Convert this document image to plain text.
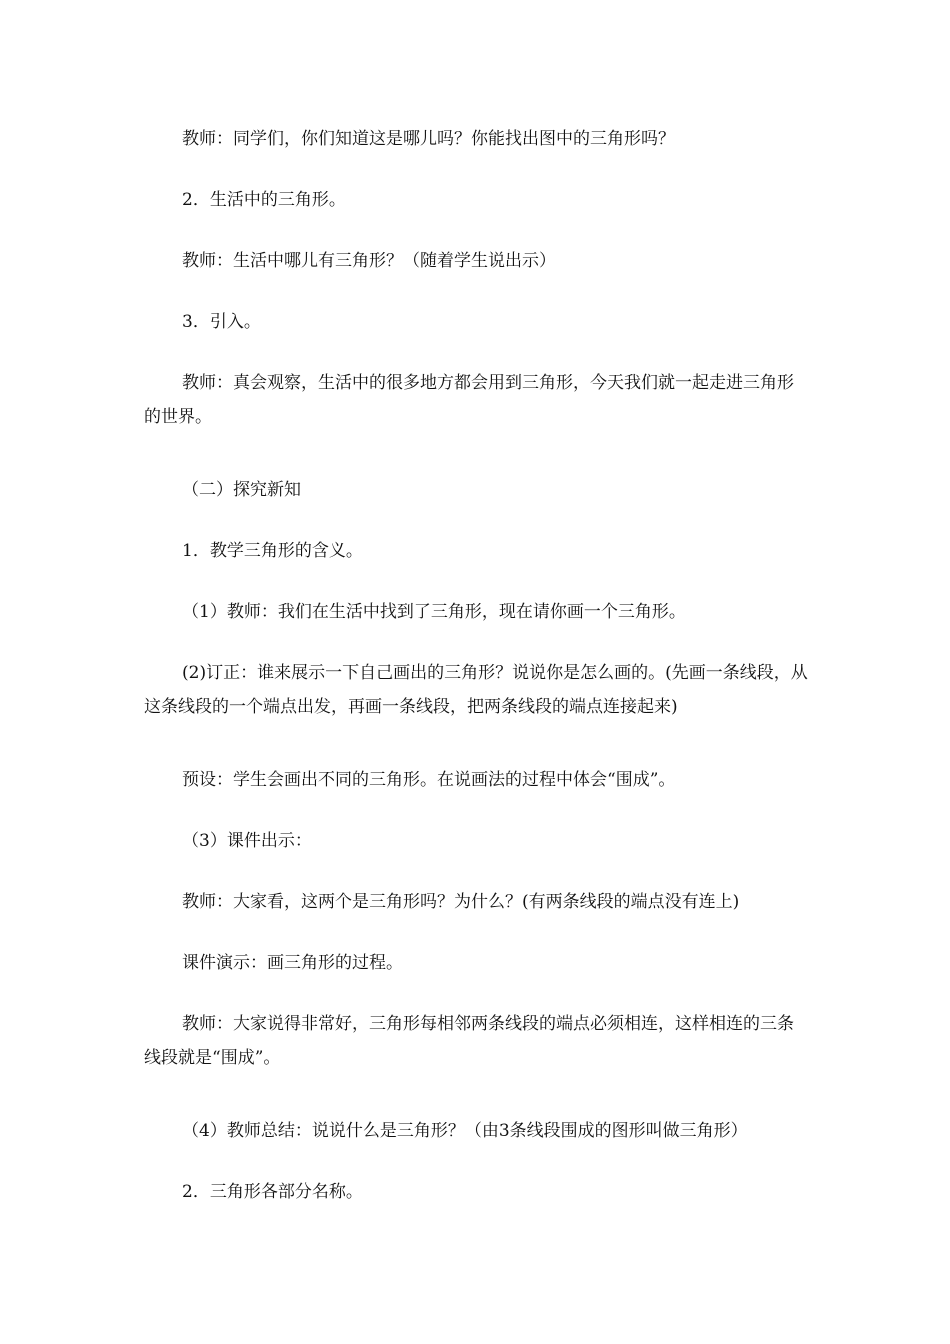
教师：同学们，你们知道这是哪儿吗？你能找出图中的三角形吗？

2．生活中的三角形。

教师：生活中哪儿有三角形？（随着学生说出示）

3．引入。

教师：真会观察，生活中的很多地方都会用到三角形，今天我们就一起走进三角形的世界。

（二）探究新知

1．教学三角形的含义。

（1）教师：我们在生活中找到了三角形，现在请你画一个三角形。

(2)订正：谁来展示一下自己画出的三角形？说说你是怎么画的。(先画一条线段，从这条线段的一个端点出发，再画一条线段，把两条线段的端点连接起来)

预设：学生会画出不同的三角形。在说画法的过程中体会“围成”。

（3）课件出示：

教师：大家看，这两个是三角形吗？为什么？(有两条线段的端点没有连上)

课件演示：画三角形的过程。

教师：大家说得非常好，三角形每相邻两条线段的端点必须相连，这样相连的三条线段就是“围成”。

（4）教师总结：说说什么是三角形？（由3条线段围成的图形叫做三角形）

2．三角形各部分名称。
